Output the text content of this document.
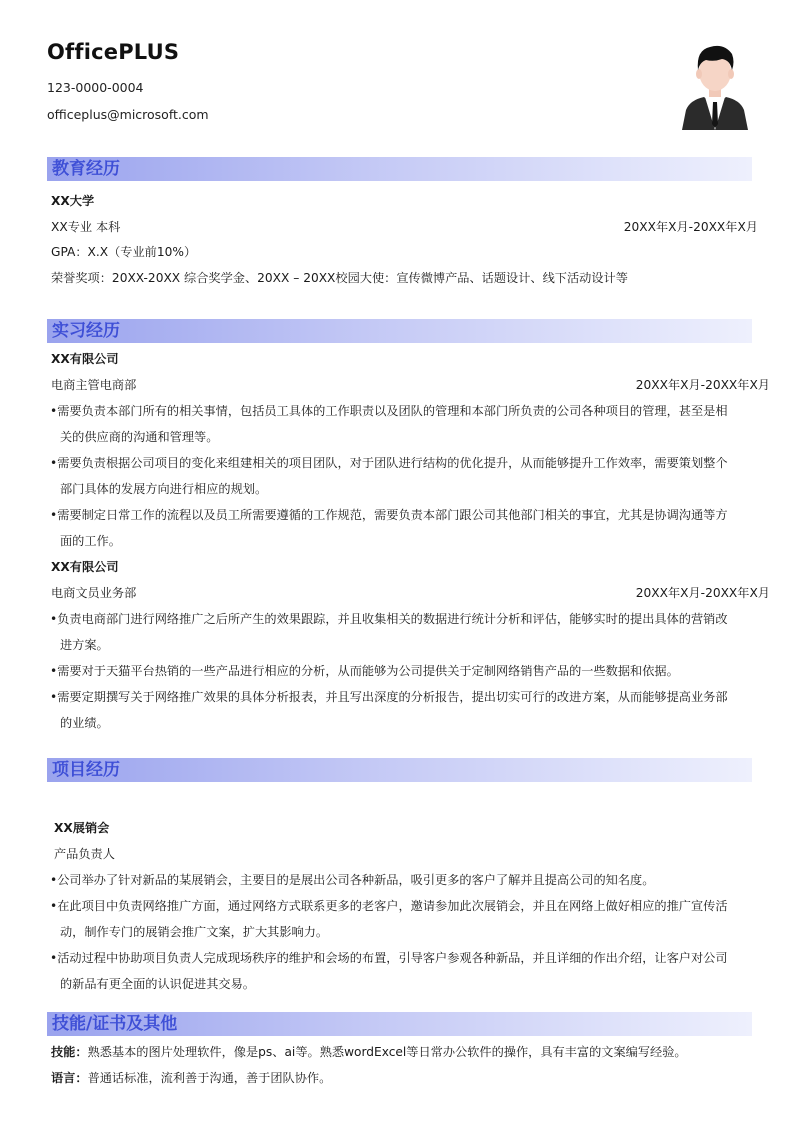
OfficePLUS
123-0000-0004
officeplus@microsoft.com
教育经历
XX大学
XX专业 本科	20XX年X月-20XX年X月
GPA：X.X（专业前10%）
荣誉奖项：20XX-20XX 综合奖学金、20XX – 20XX校园大使：宣传微博产品、话题设计、线下活动设计等
实习经历
XX有限公司
电商主管电商部	20XX年X月-20XX年X月
•需要负责本部门所有的相关事情，包括员工具体的工作职责以及团队的管理和本部门所负责的公司各种项目的管理，甚至是相
关的供应商的沟通和管理等。
•需要负责根据公司项目的变化来组建相关的项目团队，对于团队进行结构的优化提升，从而能够提升工作效率，需要策划整个
部门具体的发展方向进行相应的规划。
•需要制定日常工作的流程以及员工所需要遵循的工作规范，需要负责本部门跟公司其他部门相关的事宜，尤其是协调沟通等方
面的工作。
XX有限公司
电商文员业务部	20XX年X月-20XX年X月
•负责电商部门进行网络推广之后所产生的效果跟踪，并且收集相关的数据进行统计分析和评估，能够实时的提出具体的营销改
进方案。
•需要对于天猫平台热销的一些产品进行相应的分析，从而能够为公司提供关于定制网络销售产品的一些数据和依据。
•需要定期撰写关于网络推广效果的具体分析报表，并且写出深度的分析报告，提出切实可行的改进方案，从而能够提高业务部
的业绩。
项目经历
XX展销会
产品负责人
•公司举办了针对新品的某展销会，主要目的是展出公司各种新品，吸引更多的客户了解并且提高公司的知名度。
•在此项目中负责网络推广方面，通过网络方式联系更多的老客户，邀请参加此次展销会，并且在网络上做好相应的推广宣传活
动，制作专门的展销会推广文案，扩大其影响力。
•活动过程中协助项目负责人完成现场秩序的维护和会场的布置，引导客户参观各种新品，并且详细的作出介绍，让客户对公司
的新品有更全面的认识促进其交易。
技能/证书及其他
技能：熟悉基本的图片处理软件，像是ps、ai等。熟悉wordExcel等日常办公软件的操作，具有丰富的文案编写经验。
语言：普通话标准，流利善于沟通，善于团队协作。
